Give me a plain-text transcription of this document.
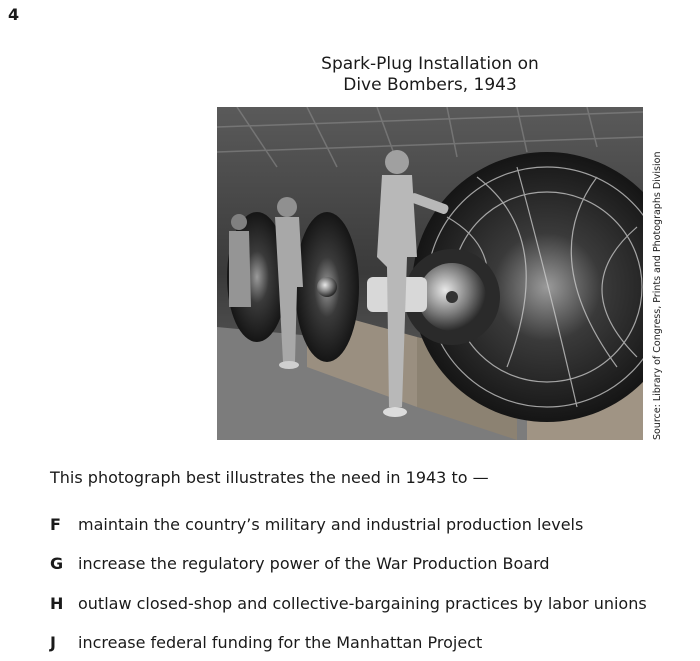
4
Spark-Plug Installation on
Dive Bombers, 1943
Source: Library of Congress, Prints and Photographs Division
This photograph best illustrates the need in 1943 to —
F maintain the country’s military and industrial production levels
G increase the regulatory power of the War Production Board
H outlaw closed-shop and collective-bargaining practices by labor unions
J increase federal funding for the Manhattan Project
